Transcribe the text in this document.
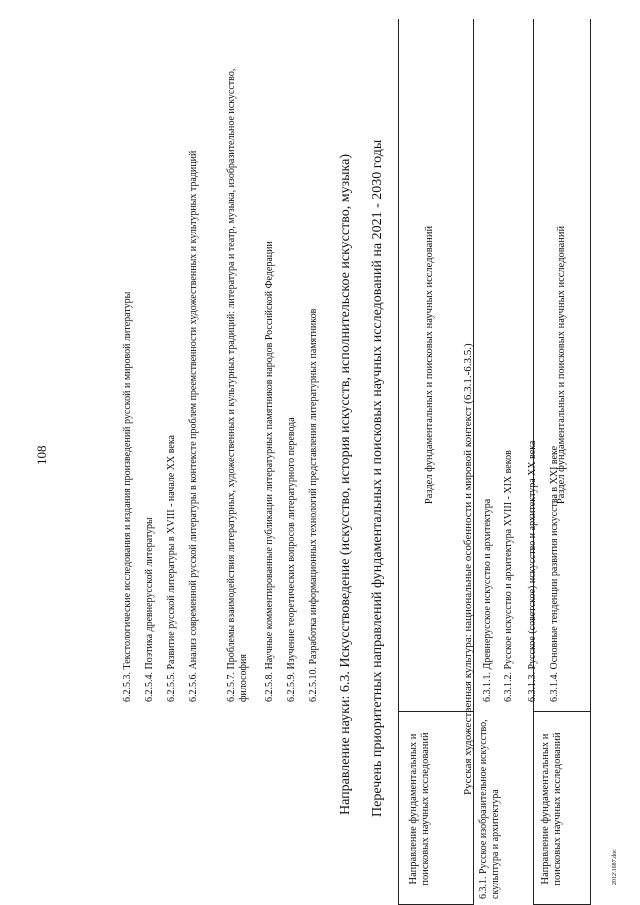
108
Направление фундаментальных и поисковых научных исследований
Раздел фундаментальных и поисковых научных исследований
6.2.5.3. Текстологические исследования и издания произведений русской и мировой литературы 6.2.5.4. Поэтика древнерусской литературы 6.2.5.5. Развитие русской литературы в XVIII - начале XX века 6.2.5.6. Анализ современной русской литературы в контексте проблем преемственности художественных и культурных традиций	6.2.5.7. Проблемы взаимодействия литературных, художественных и культурных традиций: литература и театр, музыка, изобразительное искусство, философия 6.2.5.8. Научные комментированные публикации литературных памятников народов Российской Федерации 6.2.5.9. Изучение теоретических вопросов литературного перевода 6.2.5.10. Разработка информационных технологий представления литературных памятников Направление науки: 6.3. Искусствоведение (искусство, история искусств, исполнительское искусство, музыка) Перечень приоритетных направлений фундаментальных и поисковых научных исследований на 2021 - 2030 годы Направление фундаментальных и поисковых научных исследований
Раздел фундаментальных и поисковых научных исследований
6.3.1. Русское изобразительное искусство, скульптура и архитектура
Русская художественная культура: национальные особенности и мировой контекст (6.3.1.-6.3.5.) 6.3.1.1. Древнерусское искусство и архитектура 6.3.1.2. Русское искусство и архитектура XVIII - XIX веков 6.3.1.3. Русское (советское) искусство и архитектура XX века 6.3.1.4. Основные тенденции развития искусства в XXI веке
2012\1687.doc
